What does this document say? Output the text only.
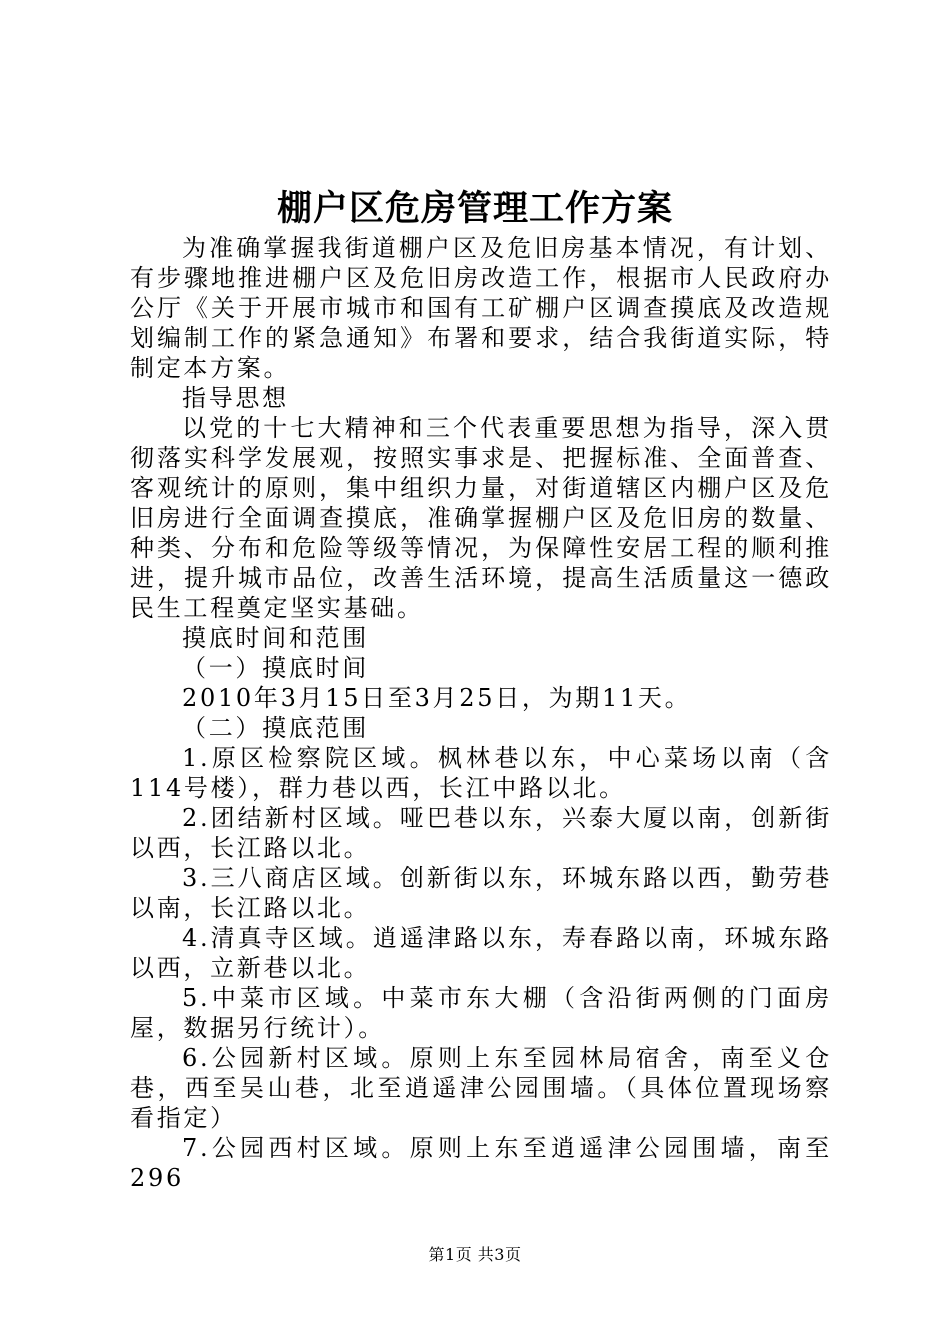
棚户区危房管理工作方案

为准确掌握我街道棚户区及危旧房基本情况，有计划、有步骤地推进棚户区及危旧房改造工作，根据市人民政府办公厅《关于开展市城市和国有工矿棚户区调查摸底及改造规划编制工作的紧急通知》布署和要求，结合我街道实际，特制定本方案。

指导思想

以党的十七大精神和三个代表重要思想为指导，深入贯彻落实科学发展观，按照实事求是、把握标准、全面普查、客观统计的原则，集中组织力量，对街道辖区内棚户区及危旧房进行全面调查摸底，准确掌握棚户区及危旧房的数量、种类、分布和危险等级等情况，为保障性安居工程的顺利推进，提升城市品位，改善生活环境，提高生活质量这一德政民生工程奠定坚实基础。

摸底时间和范围

（一）摸底时间

2010年3月15日至3月25日，为期11天。

（二）摸底范围

1.原区检察院区域。枫林巷以东，中心菜场以南（含114号楼），群力巷以西，长江中路以北。

2.团结新村区域。哑巴巷以东，兴泰大厦以南，创新街以西，长江路以北。

3.三八商店区域。创新街以东，环城东路以西，勤劳巷以南，长江路以北。

4.清真寺区域。逍遥津路以东，寿春路以南，环城东路以西，立新巷以北。

5.中菜市区域。中菜市东大棚（含沿街两侧的门面房屋，数据另行统计）。

6.公园新村区域。原则上东至园林局宿舍，南至义仓巷，西至吴山巷，北至逍遥津公园围墙。（具体位置现场察看指定）

7.公园西村区域。原则上东至逍遥津公园围墙，南至296

第1页 共3页
